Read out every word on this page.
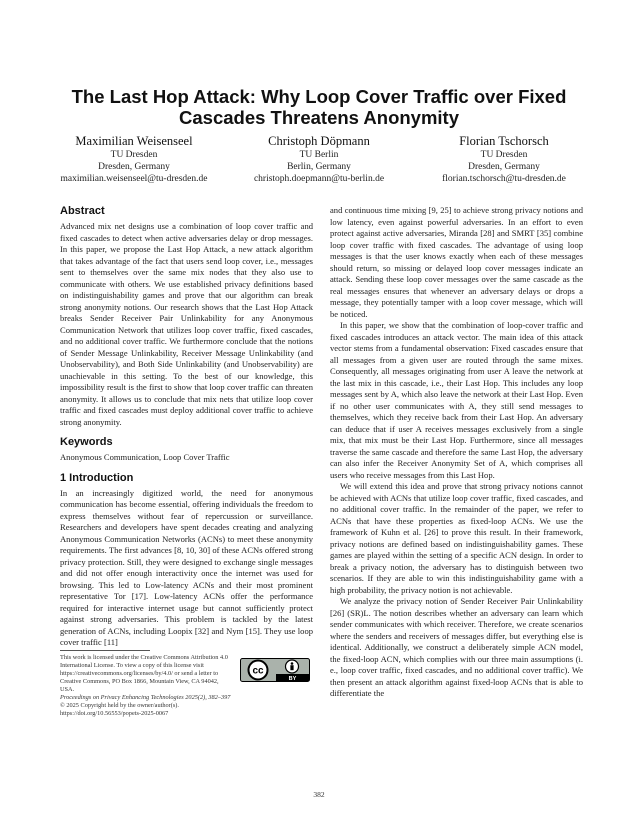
The Last Hop Attack: Why Loop Cover Traffic over Fixed Cascades Threatens Anonymity
Maximilian Weisenseel
TU Dresden
Dresden, Germany
maximilian.weisenseel@tu-dresden.de
Christoph Döpmann
TU Berlin
Berlin, Germany
christoph.doepmann@tu-berlin.de
Florian Tschorsch
TU Dresden
Dresden, Germany
florian.tschorsch@tu-dresden.de
Abstract

Advanced mix net designs use a combination of loop cover traffic and fixed cascades to detect when active adversaries delay or drop messages. In this paper, we propose the Last Hop Attack, a new attack algorithm that takes advantage of the fact that users send loop cover, i.e., messages sent to themselves over the same mix nodes that they also use to communicate with others. We use established privacy definitions based on indistinguishability games and prove that our algorithm can break strong anonymity notions. Our research shows that the Last Hop Attack breaks Sender Receiver Pair Unlinkability for any Anonymous Communication Network that utilizes loop cover traffic, fixed cascades, and no additional cover traffic. We furthermore conclude that the notions of Sender Message Unlinkability, Receiver Message Unlinkability (and Unobservability), and Both Side Unlinkability (and Unobservability) are unachievable in this setting. To the best of our knowledge, this impossibility result is the first to show that loop cover traffic can threaten anonymity. It allows us to conclude that mix nets that utilize loop cover traffic and fixed cascades must deploy additional cover traffic to achieve strong anonymity.

Keywords

Anonymous Communication, Loop Cover Traffic

1 Introduction

In an increasingly digitized world, the need for anonymous communication has become essential, offering individuals the freedom to express themselves without fear of repercussion or surveillance. Researchers and developers have spent decades creating and analyzing Anonymous Communication Networks (ACNs) to meet these anonymity requirements. The first advances [8, 10, 30] of these ACNs offered strong privacy protection. Still, they were designed to exchange single messages and did not offer enough interactivity once the internet was used for browsing. This led to Low-latency ACNs and their most prominent representative Tor [17]. Low-latency ACNs offer the performance required for interactive internet usage but cannot sufficiently protect against strong adversaries. This problem is tackled by the latest generation of ACNs, including Loopix [32] and Nym [15]. They use loop cover traffic [11]

and continuous time mixing [9, 25] to achieve strong privacy notions and low latency, even against powerful adversaries. In an effort to even protect against active adversaries, Miranda [28] and SMRT [35] combine loop cover traffic with fixed cascades. The advantage of using loop messages is that the user knows exactly when each of these messages should return, so missing or delayed loop cover messages indicate an attack. Sending these loop cover messages over the same cascade as the real messages ensures that whenever an adversary delays or drops a message, they potentially tamper with a loop cover message, which will be noticed.

In this paper, we show that the combination of loop-cover traffic and fixed cascades introduces an attack vector. The main idea of this attack vector stems from a fundamental observation: Fixed cascades ensure that all messages from a given user are routed through the same mixes. Consequently, all messages originating from user A leave the network at the last mix in this cascade, i.e., their Last Hop. This includes any loop messages sent by A, which also leave the network at their Last Hop. Even if no other user communicates with A, they still send messages to themselves, which they receive back from their Last Hop. An adversary can deduce that if user A receives messages exclusively from a single mix, that mix must be their Last Hop. Furthermore, since all messages traverse the same cascade and therefore the same Last Hop, the adversary can also infer the Receiver Anonymity Set of A, which comprises all users who receive messages from this Last Hop.

We will extend this idea and prove that strong privacy notions cannot be achieved with ACNs that utilize loop cover traffic, fixed cascades, and no additional cover traffic. In the remainder of the paper, we refer to ACNs that have these properties as fixed-loop ACNs. We use the framework of Kuhn et al. [26] to prove this result. In their framework, privacy notions are defined based on indistinguishability games. These games are played within the setting of a specific ACN design. In order to break a privacy notion, the adversary has to distinguish between two scenarios. If they are able to win this indistinguishability game with a high probability, the privacy notion is not achievable.

We analyze the privacy notion of Sender Receiver Pair Unlinkability [26] (SR)L. The notion describes whether an adversary can learn which sender communicates with which receiver. Therefore, we create scenarios where the senders and receivers of messages differ, but everything else is identical. Additionally, we construct a deliberately simple ACN model, the fixed-loop ACN, which complies with our three main assumptions (i. e., loop cover traffic, fixed cascades, and no additional cover traffic). We then present an attack algorithm against fixed-loop ACNs that is able to differentiate the

This work is licensed under the Creative Commons Attribution 4.0 International License. To view a copy of this license visit https://creativecommons.org/licenses/by/4.0/ or send a letter to Creative Commons, PO Box 1866, Mountain View, CA 94042, USA.
Proceedings on Privacy Enhancing Technologies 2025(2), 382–397
© 2025 Copyright held by the owner/author(s).
https://doi.org/10.56553/popets-2025-0067
cc
BY
382
